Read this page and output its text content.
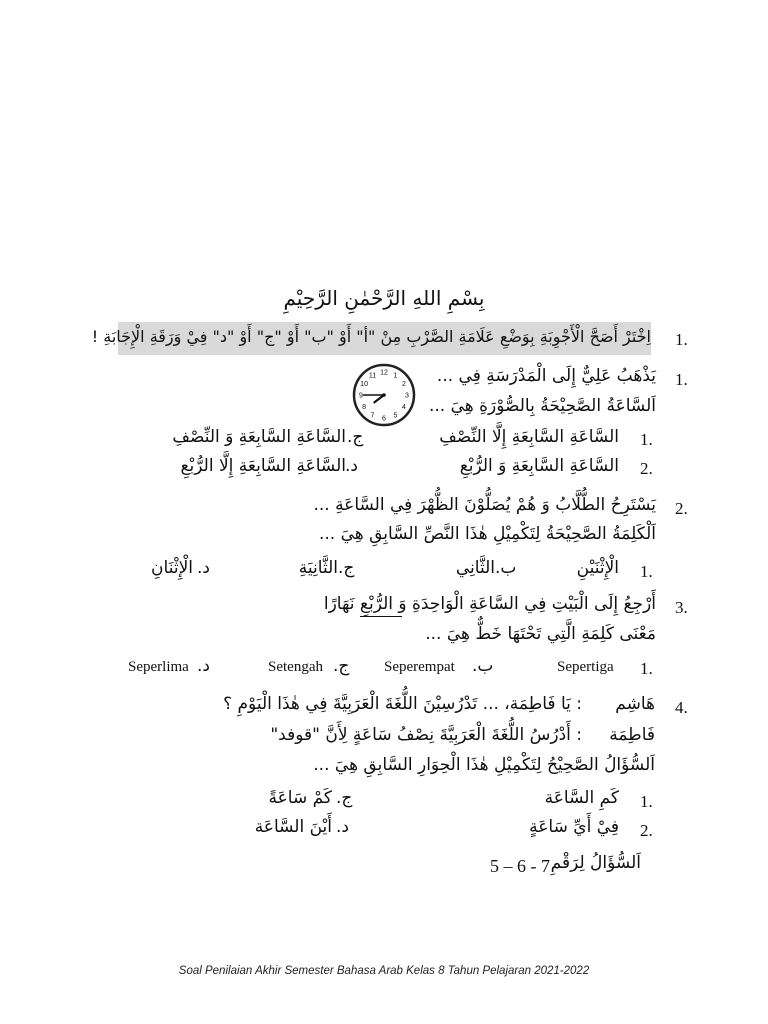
بِسْمِ اللهِ الرَّحْمٰنِ الرَّحِيْمِ
اِخْتَرْ أَصَحَّ الْأَجْوِبَةِ بِوَضْعِ عَلَامَةِ الصَّرْبِ مِنْ "أ" أَوْ "ب" أَوْ "ج" أَوْ "د" فِيْ وَرَقَةِ الْإِجَابَةِ ! 1.
1.
يَذْهَبُ عَلِيٌّ إِلَى الْمَدْرَسَةِ فِي ...
اَلسَّاعَةُ الصَّحِيْحَةُ بِالصُّوْرَةِ هِيَ ...
12 1
2
3
4
5
6
7
8
9
10
11
السَّاعَةِ السَّابِعَةِ إِلَّا النِّصْفِ 1.
السَّاعَةِ السَّابِعَةِ وَ النِّصْفِ ج.
السَّاعَةِ السَّابِعَةِ وَ الرُّبْعِ 2.
السَّاعَةِ السَّابِعَةِ إِلَّا الرُّبْعِ د.
2.
يَسْتَرِحُ الطُّلَّابُ وَ هُمْ يُصَلُّوْنَ الظُّهْرَ فِي السَّاعَةِ ...
اَلْكَلِمَةُ الصَّحِيْحَةُ لِتَكْمِيْلِ هٰذَا النَّصِّ السَّابِقِ هِيَ ...
1.
الْإِثْنَيْنِ
الثَّانِي ب.
الثَّانِيَةِ ج.
الْإِثْنَانِ د.
3.
أَرْجِعُ إِلَى الْبَيْتِ فِي السَّاعَةِ الْوَاحِدَةِ وَ الرُّبْعِ نَهَارًا
مَعْنَى كَلِمَةِ الَّتِي تَحْتَهَا خَطٌّ هِيَ ...
Sepertiga 1.
Seperempat ب.
Setengah ج.
Seperlima د.
4.
هَاشِم
: يَا فَاطِمَة، ... تَدْرُسِيْنَ اللُّغَةَ الْعَرَبِيَّةَ فِي هٰذَا الْيَوْمِ ؟
فَاطِمَة
: أَدْرُسُ اللُّغَةَ الْعَرَبِيَّةَ نِصْفُ سَاعَةٍ لِأَنَّ "قوفد"
اَلسُّؤَالُ الصَّحِيْحُ لِتَكْمِيْلِ هٰذَا الْحِوَارِ السَّابِقِ هِيَ ...
1.
كَمِ السَّاعَة
كَمْ سَاعَةً ج.
2.
فِيْ أَيِّ سَاعَةٍ
أَيْنَ السَّاعَة د.
اَلسُّؤَالُ لِرَقْمِ
5 – 6 - 7
Soal Penilaian Akhir Semester Bahasa Arab Kelas 8 Tahun Pelajaran 2021-2022
